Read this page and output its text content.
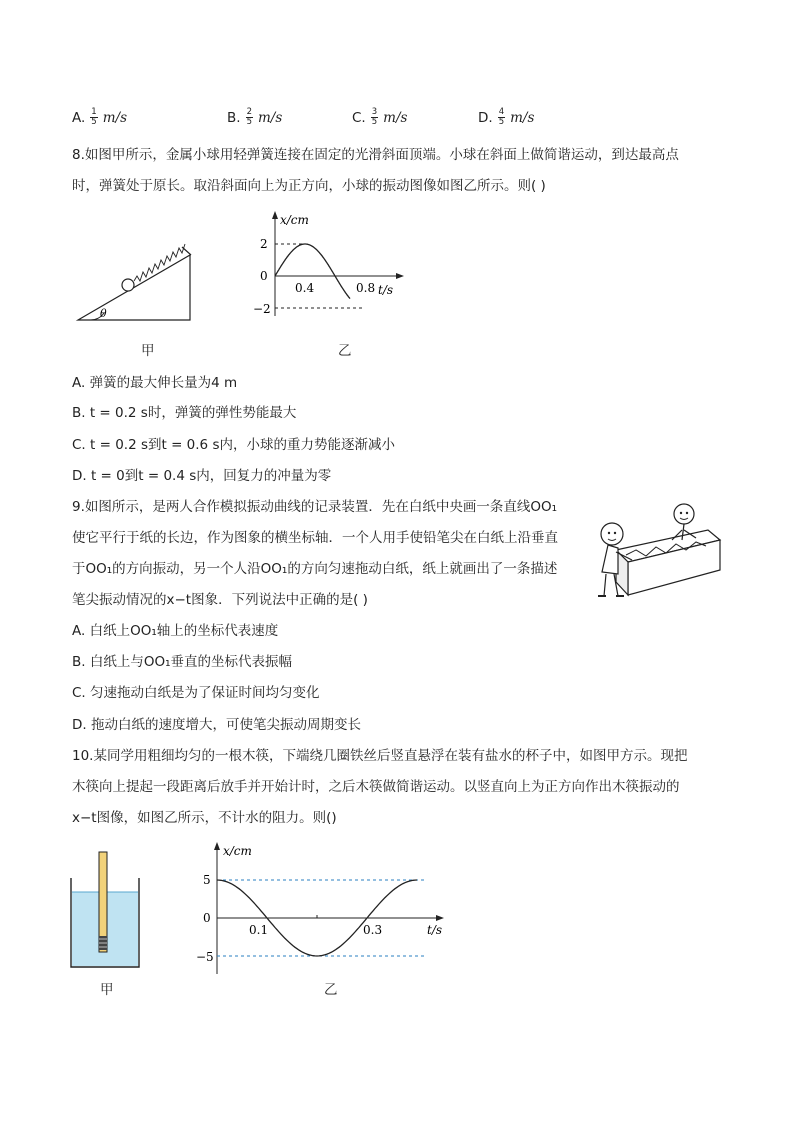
A. $\frac{1}{5} m/s$	B. $\frac{2}{5} m/s$	C. $\frac{3}{5} m/s$	D. $\frac{4}{5} m/s$
8.如图甲所示，金属小球用轻弹簧连接在固定的光滑斜面顶端。小球在斜面上做简谐运动，到达最高点
时，弹簧处于原长。取沿斜面向上为正方向，小球的振动图像如图乙所示。则( )
θ
甲
x/cm
t/s
2
0
−2
0.4	0.8
乙
A. 弹簧的最大伸长量为4 m
B. t = 0.2 s时，弹簧的弹性势能最大
C. t = 0.2 s到t = 0.6 s内，小球的重力势能逐渐减小
D. t = 0到t = 0.4 s内，回复力的冲量为零
9.如图所示，是两人合作模拟振动曲线的记录装置．先在白纸中央画一条直线OO₁
使它平行于纸的长边，作为图象的横坐标轴．一个人用手使铅笔尖在白纸上沿垂直
于OO₁的方向振动，另一个人沿OO₁的方向匀速拖动白纸，纸上就画出了一条描述
笔尖振动情况的x−t图象．下列说法中正确的是( )
A. 白纸上OO₁轴上的坐标代表速度
B. 白纸上与OO₁垂直的坐标代表振幅
C. 匀速拖动白纸是为了保证时间均匀变化
D. 拖动白纸的速度增大，可使笔尖振动周期变长
10.某同学用粗细均匀的一根木筷，下端绕几圈铁丝后竖直悬浮在装有盐水的杯子中，如图甲方示。现把
木筷向上提起一段距离后放手并开始计时，之后木筷做简谐运动。以竖直向上为正方向作出木筷振动的
x−t图像，如图乙所示，不计水的阻力。则()
甲
x/cm
t/s
5
0
−5
0.1	0.3
乙
